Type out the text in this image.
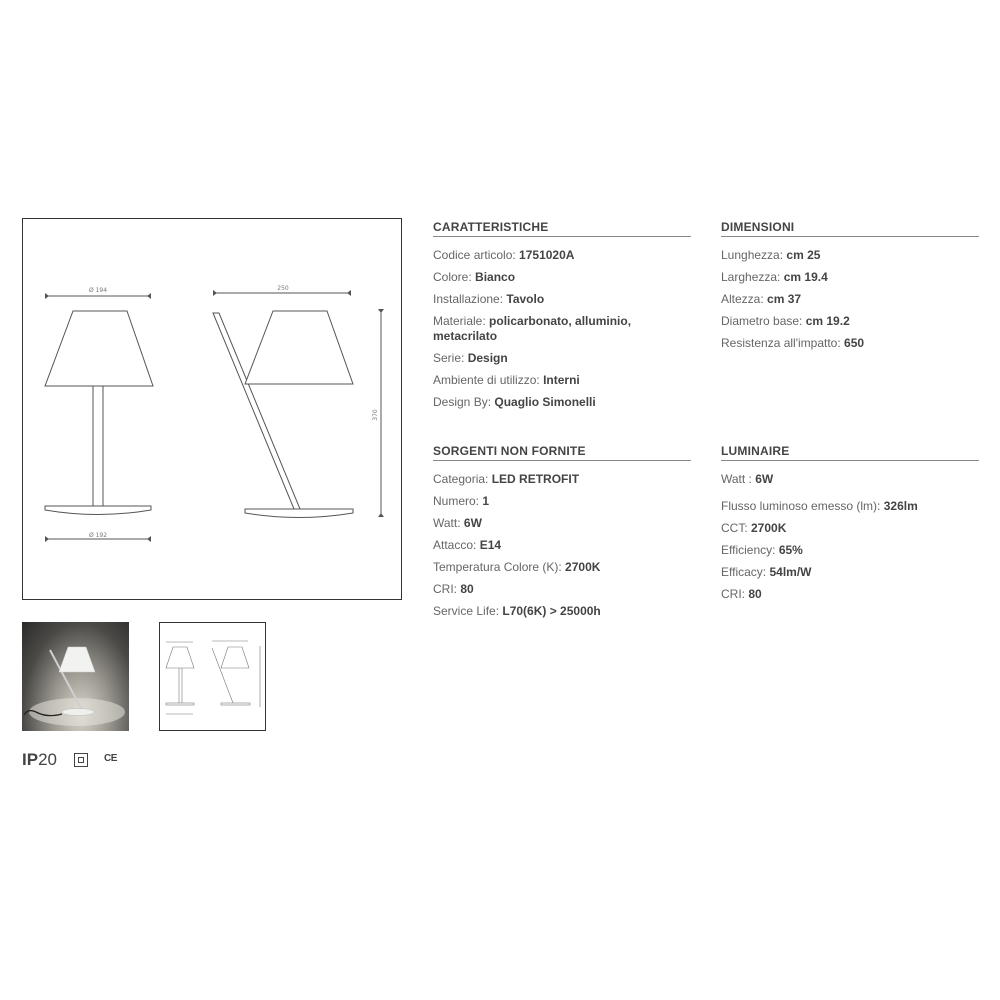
Ø 194
Ø 192
250
370
CARATTERISTICHE
Codice articolo: 1751020A
Colore: Bianco
Installazione: Tavolo
Materiale: policarbonato, alluminio, metacrilato
Serie: Design
Ambiente di utilizzo: Interni
Design By: Quaglio Simonelli
DIMENSIONI
Lunghezza: cm 25
Larghezza: cm 19.4
Altezza: cm 37
Diametro base: cm 19.2
Resistenza all'impatto: 650
SORGENTI NON FORNITE
Categoria: LED RETROFIT
Numero: 1
Watt: 6W
Attacco: E14
Temperatura Colore (K): 2700K
CRI: 80
Service Life: L70(6K) > 25000h
LUMINAIRE
Watt : 6W
Flusso luminoso emesso (lm): 326lm
CCT: 2700K
Efficiency: 65%
Efficacy: 54lm/W
CRI: 80
IP20	CE
